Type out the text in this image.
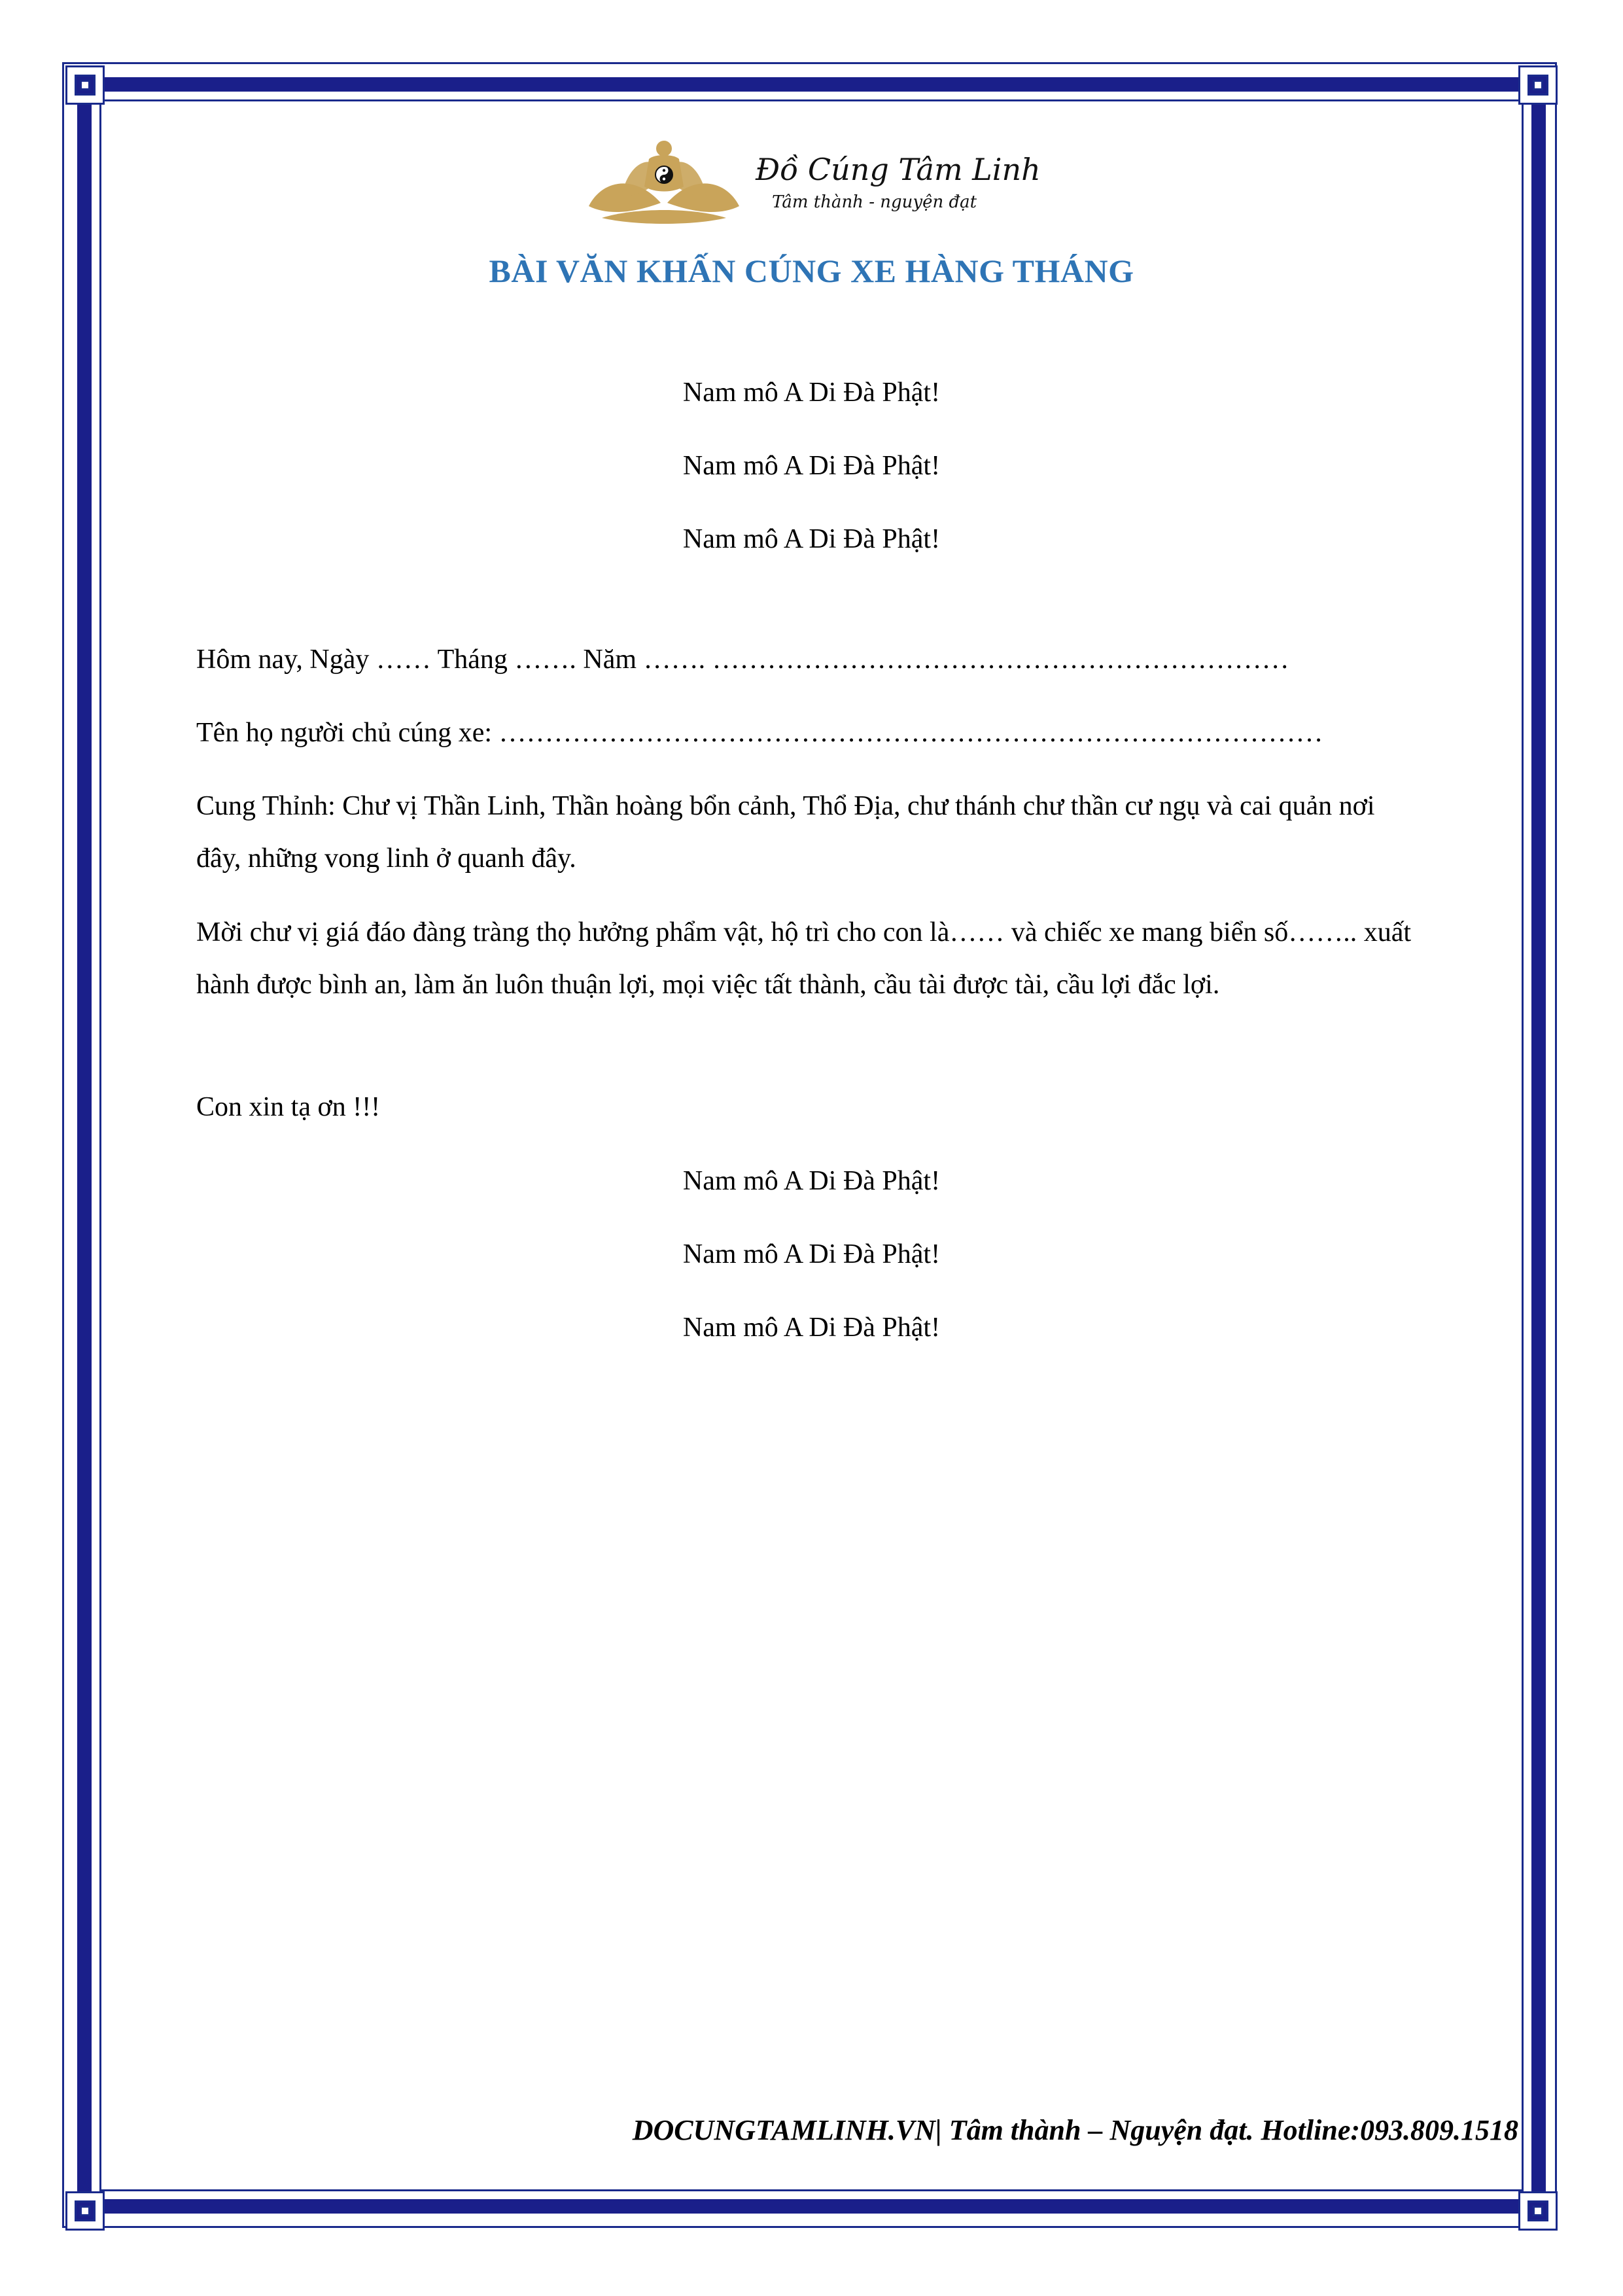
Đồ Cúng Tâm Linh
Tâm thành - nguyện đạt
BÀI VĂN KHẤN CÚNG XE HÀNG THÁNG
Nam mô A Di Đà Phật!
Nam mô A Di Đà Phật!
Nam mô A Di Đà Phật!
Hôm nay, Ngày …… Tháng ……. Năm ……. ………………………………………………………
Tên họ người chủ cúng xe: ………………………………………………………………………………
Cung Thỉnh: Chư vị Thần Linh, Thần hoàng bổn cảnh, Thổ Địa, chư thánh chư thần cư ngụ và cai quản nơi đây, những vong linh ở quanh đây.
Mời chư vị giá đáo đàng tràng thọ hưởng phẩm vật, hộ trì cho con là…… và chiếc xe mang biển số…….. xuất hành được bình an, làm ăn luôn thuận lợi, mọi việc tất thành, cầu tài được tài, cầu lợi đắc lợi.
Con xin tạ ơn !!!
Nam mô A Di Đà Phật!
Nam mô A Di Đà Phật!
Nam mô A Di Đà Phật!
DOCUNGTAMLINH.VN| Tâm thành – Nguyện đạt. Hotline:093.809.1518
